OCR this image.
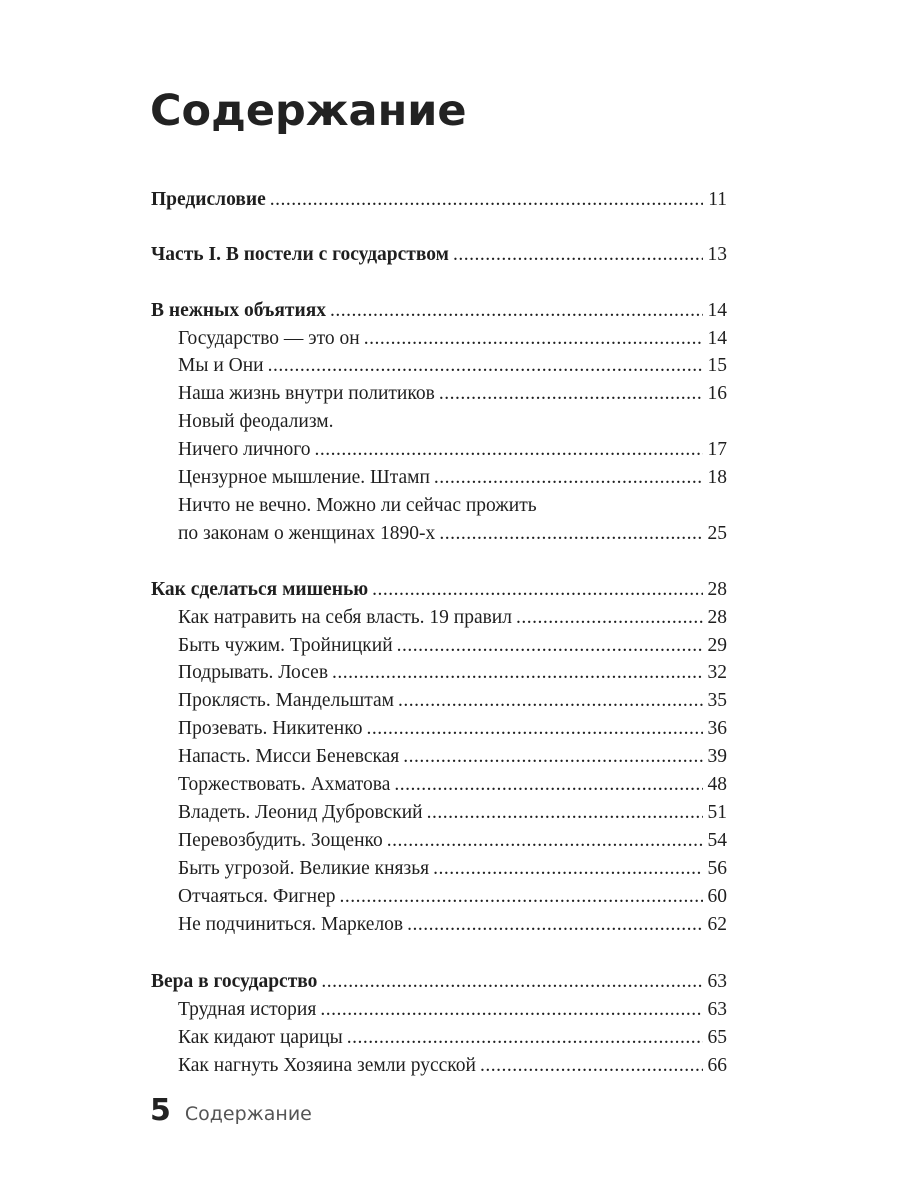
Содержание
Предисловие .....	11
Часть I. В постели с государством .....	13
В нежных объятиях .....	14
Государство — это он .....	14
Мы и Они .....	15
Наша жизнь внутри политиков .....	16
Новый феодализм.
Ничего личного .....	17
Цензурное мышление. Штамп .....	18
Ничто не вечно. Можно ли сейчас прожить
по законам о женщинах 1890-х .....	25
Как сделаться мишенью .....	28
Как натравить на себя власть. 19 правил .....	28
Быть чужим. Тройницкий .....	29
Подрывать. Лосев .....	32
Проклясть. Мандельштам .....	35
Прозевать. Никитенко .....	36
Напасть. Мисси Беневская .....	39
Торжествовать. Ахматова .....	48
Владеть. Леонид Дубровский .....	51
Перевозбудить. Зощенко .....	54
Быть угрозой. Великие князья .....	56
Отчаяться. Фигнер .....	60
Не подчиниться. Маркелов .....	62
Вера в государство .....	63
Трудная история .....	63
Как кидают царицы .....	65
Как нагнуть Хозяина земли русской .....	66
5 Содержание
